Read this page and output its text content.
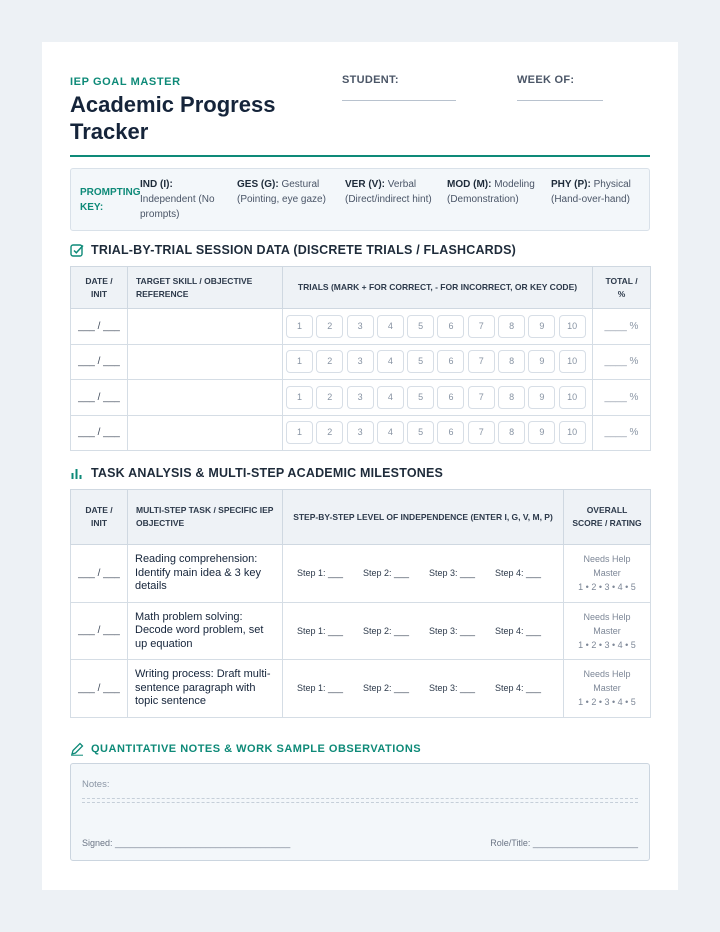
IEP GOAL MASTER
Academic Progress Tracker
STUDENT:	WEEK OF:
PROMPTING KEY:
IND (I): Independent (No prompts)
GES (G): Gestural (Pointing, eye gaze)
VER (V): Verbal (Direct/indirect hint)
MOD (M): Modeling (Demonstration)
PHY (P): Physical (Hand-over-hand)
TRIAL-BY-TRIAL SESSION DATA (DISCRETE TRIALS / FLASHCARDS)
DATE / INIT	TARGET SKILL / OBJECTIVE REFERENCE	TRIALS (MARK + FOR CORRECT, - FOR INCORRECT, OR KEY CODE)	TOTAL / %
___ / ___		1 2 3 4 5 6 7 8 9 10	____ %
___ / ___		1 2 3 4 5 6 7 8 9 10	____ %
___ / ___		1 2 3 4 5 6 7 8 9 10	____ %
___ / ___		1 2 3 4 5 6 7 8 9 10	____ %
TASK ANALYSIS & MULTI-STEP ACADEMIC MILESTONES
DATE / INIT	MULTI-STEP TASK / SPECIFIC IEP OBJECTIVE	STEP-BY-STEP LEVEL OF INDEPENDENCE (ENTER I, G, V, M, P)	OVERALL SCORE / RATING
___ / ___	Reading comprehension: Identify main idea & 3 key details	Step 1: ___ Step 2: ___ Step 3: ___ Step 4: ___	Needs Help
Master
1 • 2 • 3 • 4 • 5

___ / ___	Math problem solving: Decode word problem, set up equation	Step 1: ___ Step 2: ___ Step 3: ___ Step 4: ___	Needs Help
Master
1 • 2 • 3 • 4 • 5

___ / ___	Writing process: Draft multi-sentence paragraph with topic sentence	Step 1: ___ Step 2: ___ Step 3: ___ Step 4: ___	Needs Help
Master
1 • 2 • 3 • 4 • 5
QUANTITATIVE NOTES & WORK SAMPLE OBSERVATIONS
Notes:
Signed: ___________________________________	Role/Title: _____________________
